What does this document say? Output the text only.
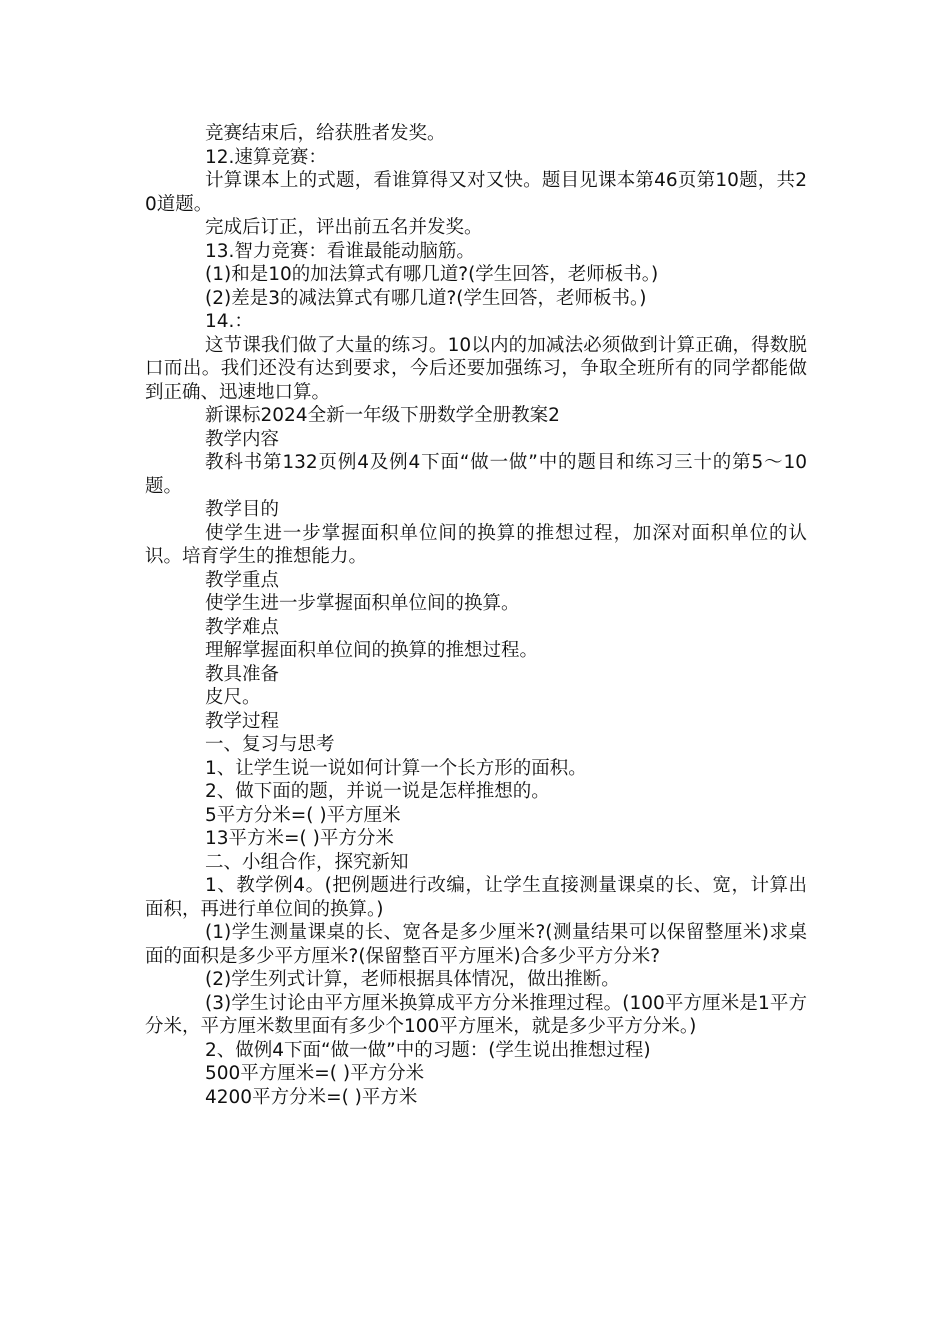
竞赛结束后，给获胜者发奖。

12.速算竞赛：

计算课本上的式题，看谁算得又对又快。题目见课本第46页第10题，共20道题。

完成后订正，评出前五名并发奖。

13.智力竞赛：看谁最能动脑筋。

(1)和是10的加法算式有哪几道?(学生回答，老师板书。)

(2)差是3的减法算式有哪几道?(学生回答，老师板书。)

14.：

这节课我们做了大量的练习。10以内的加减法必须做到计算正确，得数脱口而出。我们还没有达到要求，今后还要加强练习，争取全班所有的同学都能做到正确、迅速地口算。

新课标2024全新一年级下册数学全册教案2

教学内容

教科书第132页例4及例4下面“做一做”中的题目和练习三十的第5～10题。

教学目的

使学生进一步掌握面积单位间的换算的推想过程，加深对面积单位的认识。培育学生的推想能力。

教学重点

使学生进一步掌握面积单位间的换算。

教学难点

理解掌握面积单位间的换算的推想过程。

教具准备

皮尺。

教学过程

一、复习与思考

1、让学生说一说如何计算一个长方形的面积。

2、做下面的题，并说一说是怎样推想的。

5平方分米=( )平方厘米

13平方米=( )平方分米

二、小组合作，探究新知

1、教学例4。(把例题进行改编，让学生直接测量课桌的长、宽，计算出面积，再进行单位间的换算。)

(1)学生测量课桌的长、宽各是多少厘米?(测量结果可以保留整厘米)求桌面的面积是多少平方厘米?(保留整百平方厘米)合多少平方分米?

(2)学生列式计算，老师根据具体情况，做出推断。

(3)学生讨论由平方厘米换算成平方分米推理过程。(100平方厘米是1平方分米，平方厘米数里面有多少个100平方厘米，就是多少平方分米。)

2、做例4下面“做一做”中的习题：(学生说出推想过程)

500平方厘米=( )平方分米

4200平方分米=( )平方米
